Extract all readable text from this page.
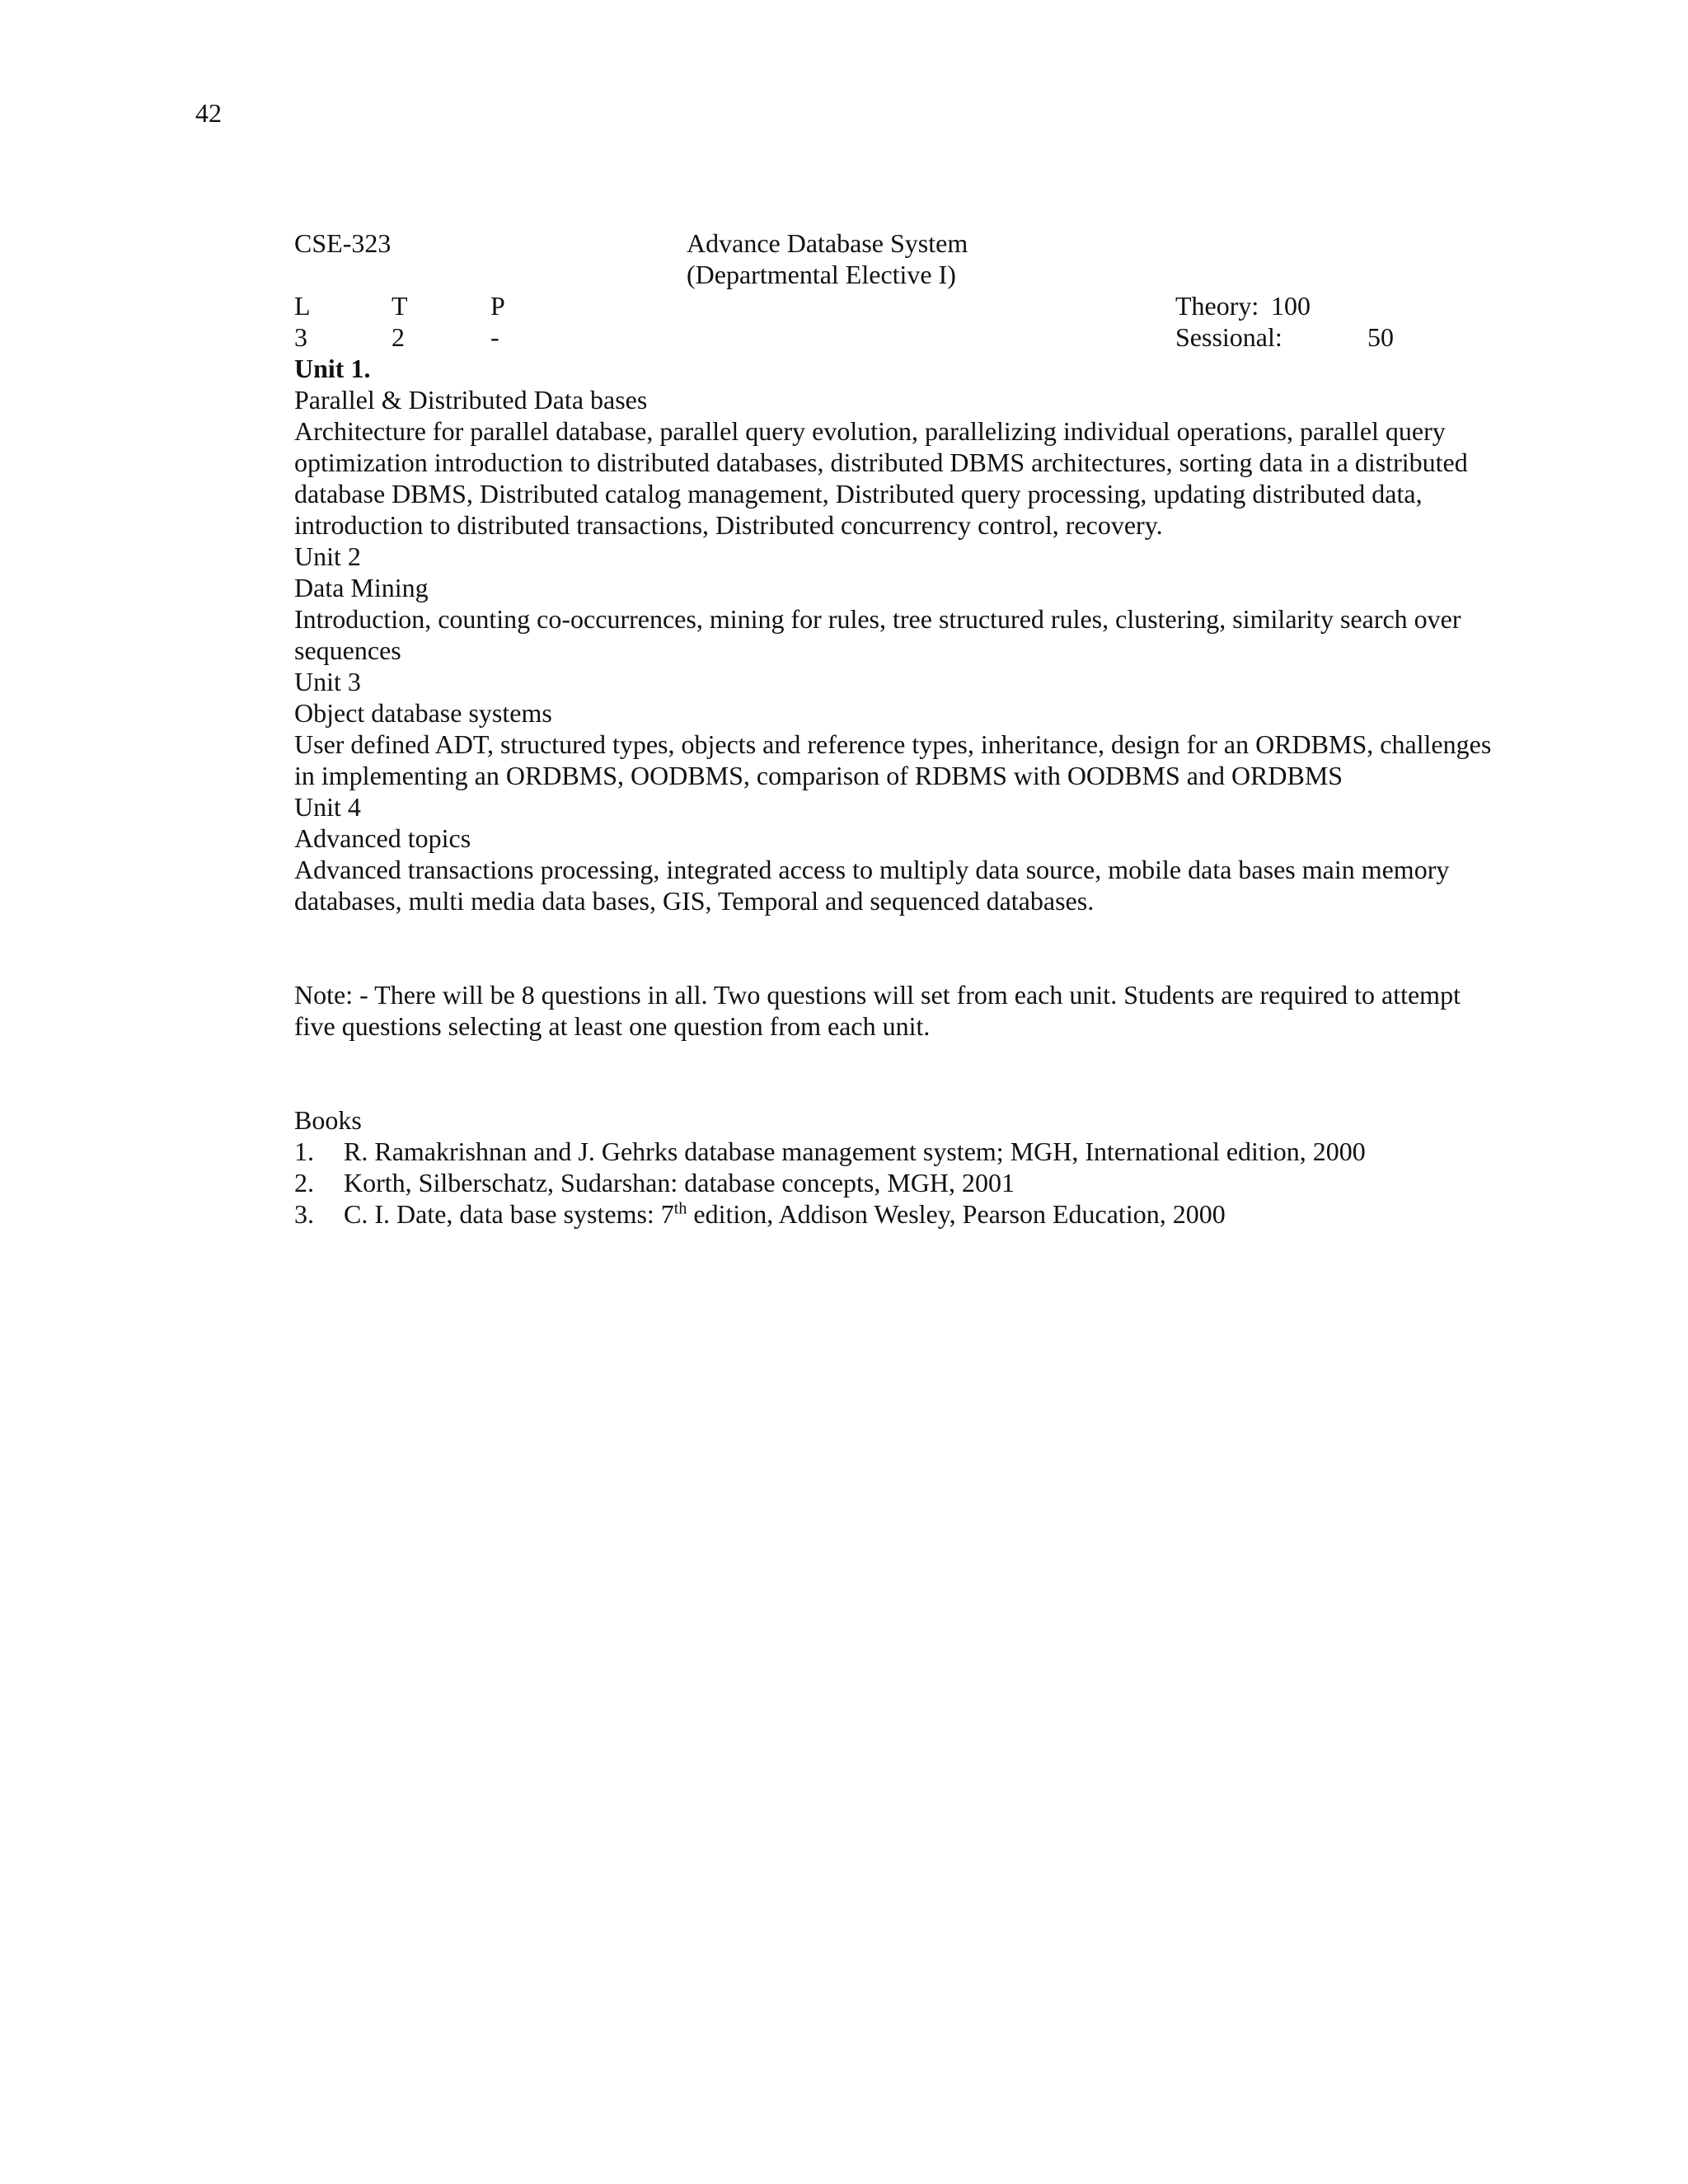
42
CSE-323	Advance Database System
(Departmental Elective I)
L	T	P	Theory: 100
3	2	-	Sessional:	50
Unit 1.
Parallel & Distributed Data bases
Architecture for parallel database, parallel query evolution, parallelizing individual operations, parallel query optimization introduction to distributed databases, distributed DBMS architectures, sorting data in a distributed database DBMS, Distributed catalog management, Distributed query processing, updating distributed data, introduction to distributed transactions, Distributed concurrency control, recovery.
Unit 2
Data Mining
Introduction, counting co-occurrences, mining for rules, tree structured rules, clustering, similarity search over sequences
Unit 3
Object database systems
User defined ADT, structured types, objects and reference types, inheritance, design for an ORDBMS, challenges in implementing an ORDBMS, OODBMS, comparison of RDBMS with OODBMS and ORDBMS
Unit 4
Advanced topics
Advanced transactions processing, integrated access to multiply data source, mobile data bases main memory databases, multi media data bases, GIS, Temporal and sequenced databases.
Note: - There will be 8 questions in all. Two questions will set from each unit. Students are required to attempt five questions selecting at least one question from each unit.
Books
1. R. Ramakrishnan and J. Gehrks database management system; MGH, International edition, 2000
2. Korth, Silberschatz, Sudarshan: database concepts, MGH, 2001
3. C. I. Date, data base systems: 7th edition, Addison Wesley, Pearson Education, 2000
